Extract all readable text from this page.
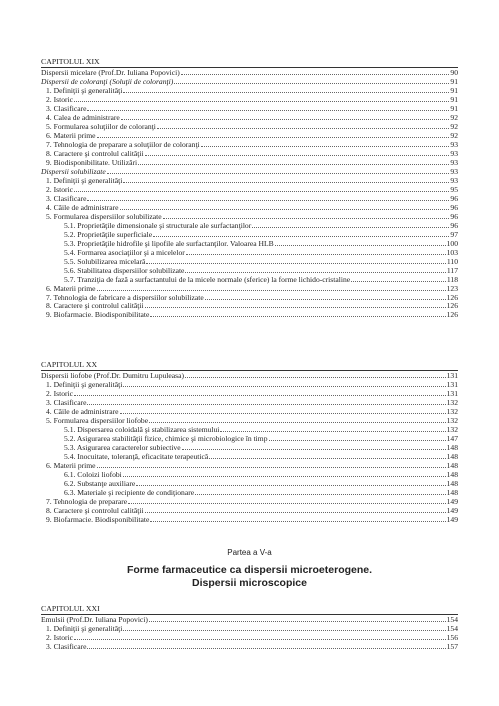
Partea a V-a
Forme farmaceutice ca dispersii microeterogene.
Dispersii microscopice
CAPITOLUL XIX
Dispersii micelare (Prof.Dr. Iuliana Popovici)	90
Dispersii de coloranţi (Soluţii de coloranţi)	91
1. Definiţii şi generalităţi	91
2. Istoric	91
3. Clasificare	91
4. Calea de administrare	92
5. Formularea soluţiilor de coloranţi	92
6. Materii prime	92
7. Tehnologia de preparare a soluţiilor de coloranţi	93
8. Caractere şi controlul calităţii	93
9. Biodisponibilitate. Utilizări	93
Dispersii solubilizate	93
1. Definiţii şi generalităţi	93
2. Istoric	95
3. Clasificare	96
4. Căile de administrare	96
5. Formularea dispersiilor solubilizate	96
5.1. Proprietăţile dimensionale şi structurale ale surfactanţilor	96
5.2. Proprietăţile superficiale	97
5.3. Proprietăţile hidrofile şi lipofile ale surfactanţilor. Valoarea HLB	100
5.4. Formarea asociaţiilor şi a micelelor	103
5.5. Solubilizarea micelară	110
5.6. Stabilitatea dispersiilor solubilizate	117
5.7. Tranziţia de fază a surfactantului de la micele normale (sferice) la forme lichido-cristaline	118
6. Materii prime	123
7. Tehnologia de fabricare a dispersiilor solubilizate	126
8. Caractere şi controlul calităţii	126
9. Biofarmacie. Biodisponibilitate	126
CAPITOLUL XX
Dispersii liofobe (Prof.Dr. Dumitru Lupuleasa)	131
1. Definiţii şi generalităţi	131
2. Istoric	131
3. Clasificare	132
4. Căile de administrare	132
5. Formularea dispersiilor liofobe	132
5.1. Dispersarea coloidală şi stabilizarea sistemului	132
5.2. Asigurarea stabilităţii fizice, chimice şi microbiologice în timp	147
5.3. Asigurarea caracterelor subiective	148
5.4. Inocuitate, toleranţă, eficacitate terapeutică	148
6. Materii prime	148
6.1. Coloizi liofobi	148
6.2. Substanţe auxiliare	148
6.3. Materiale şi recipiente de condiţionare	148
7. Tehnologia de preparare	149
8. Caractere şi controlul calităţii	149
9. Biofarmacie. Biodisponibilitate	149
CAPITOLUL XXI
Emulsii (Prof.Dr. Iuliana Popovici)	154
1. Definiţii şi generalităţi	154
2. Istoric	156
3. Clasificare	157
